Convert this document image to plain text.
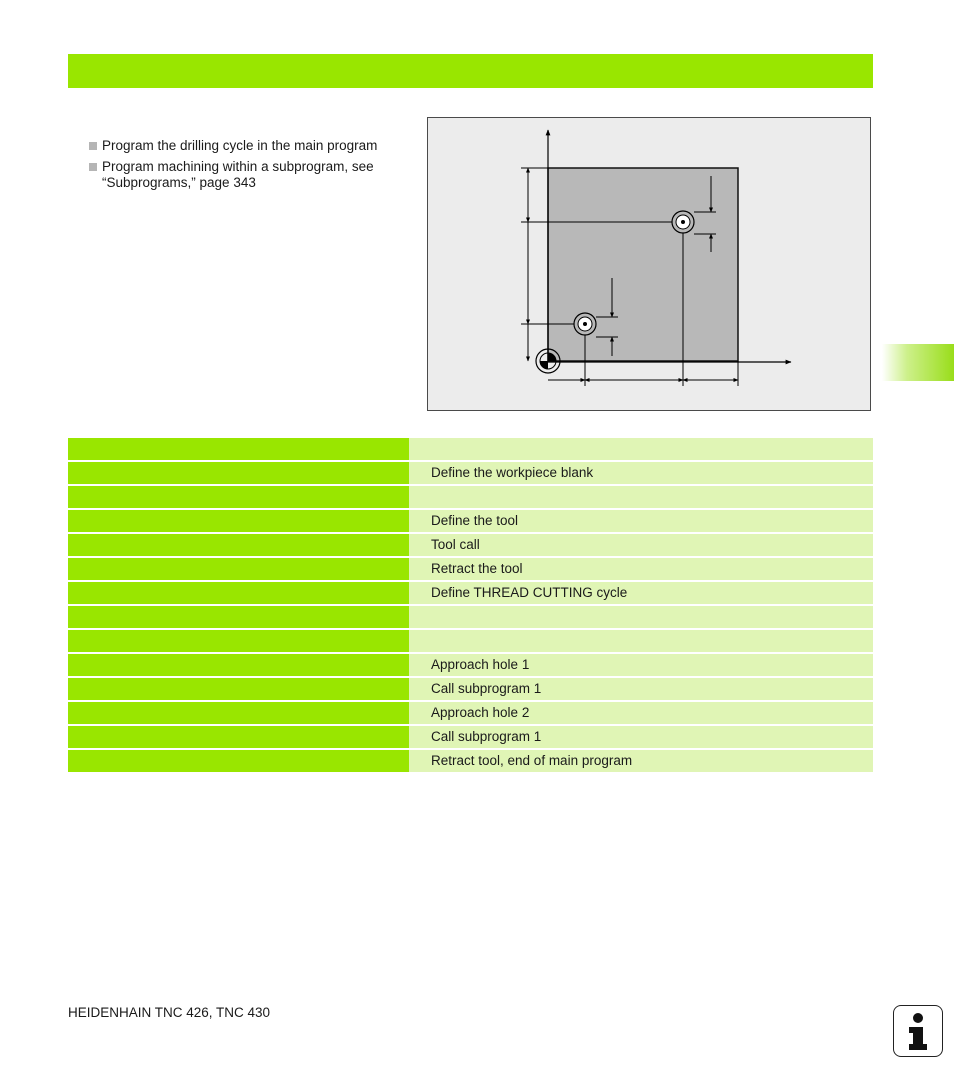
Program the drilling cycle in the main program
Program machining within a subprogram, see “Subprograms,” page 343
Define the workpiece blank
Define the tool
Tool call
Retract the tool
Define THREAD CUTTING cycle
Approach hole 1
Call subprogram 1
Approach hole 2
Call subprogram 1
Retract tool, end of main program
HEIDENHAIN TNC 426, TNC 430
